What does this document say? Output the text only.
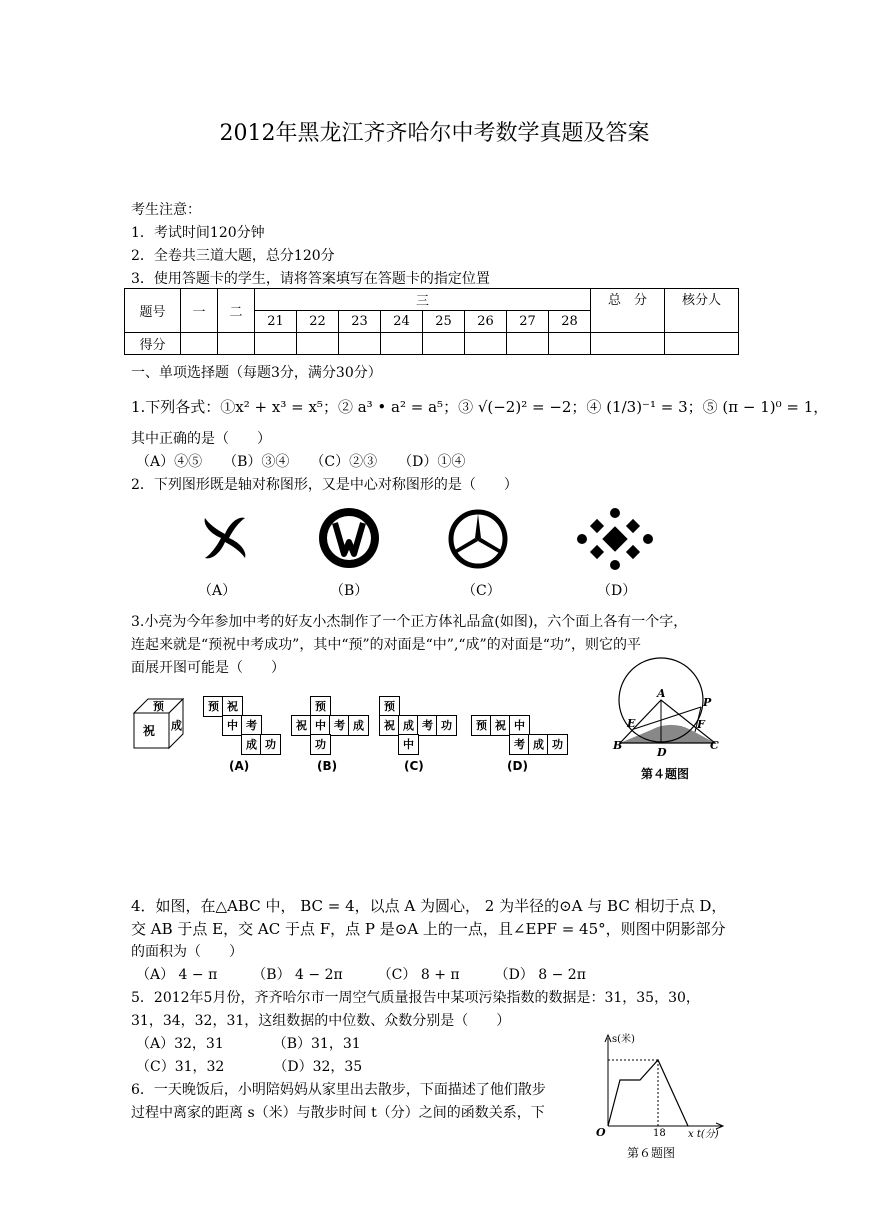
2012年黑龙江齐齐哈尔中考数学真题及答案
考生注意：
1．考试时间120分钟
2．全卷共三道大题，总分120分
3．使用答题卡的学生，请将答案填写在答题卡的指定位置
题号	一	二	三								总　分	核分人
			21	22	23	24	25	26	27	28		
得分												
一、单项选择题（每题3分，满分30分）
1.下列各式：①x² + x³ = x⁵；② a³ • a² = a⁵；③ √(−2)² = −2；④ (1/3)⁻¹ = 3；⑤ (π − 1)⁰ = 1，
其中正确的是（　　）
（A）④⑤　　（B）③④　　（C）②③　　（D）①④
2．下列图形既是轴对称图形，又是中心对称图形的是（　　）
（A）	（B）	（C）	（D）
3.小亮为今年参加中考的好友小杰制作了一个正方体礼品盒(如图)，六个面上各有一个字，
连起来就是“预祝中考成功”，其中“预”的对面是“中”,“成”的对面是“功”，则它的平
面展开图可能是（　　）
预
祝 成
预 祝
中 考
成 功
预
祝 中 考 成
功
预
祝 成 考 功
中
预 祝 中
考 成 功
(A)	(B)	(C)	(D)
A
P
E	F
B
D
C
第４题图
4．如图，在△ABC 中， BC = 4，以点 A 为圆心， 2 为半径的⊙A 与 BC 相切于点 D，
交 AB 于点 E，交 AC 于点 F，点 P 是⊙A 上的一点，且∠EPF = 45°，则图中阴影部分
的面积为（　　）
（A） 4 − π　　　（B） 4 − 2π　　　（C） 8 + π　　　（D） 8 − 2π
5．2012年5月份，齐齐哈尔市一周空气质量报告中某项污染指数的数据是：31，35，30，
31，34，32，31，这组数据的中位数、众数分别是（　　）
（A）32，31　　　　（B）31，31
（C）31，32　　　　（D）32，35
6．一天晚饭后，小明陪妈妈从家里出去散步，下面描述了他们散步
过程中离家的距离 s（米）与散步时间 t（分）之间的函数关系，下
s(米)
O	18 x t(分)
第６题图
